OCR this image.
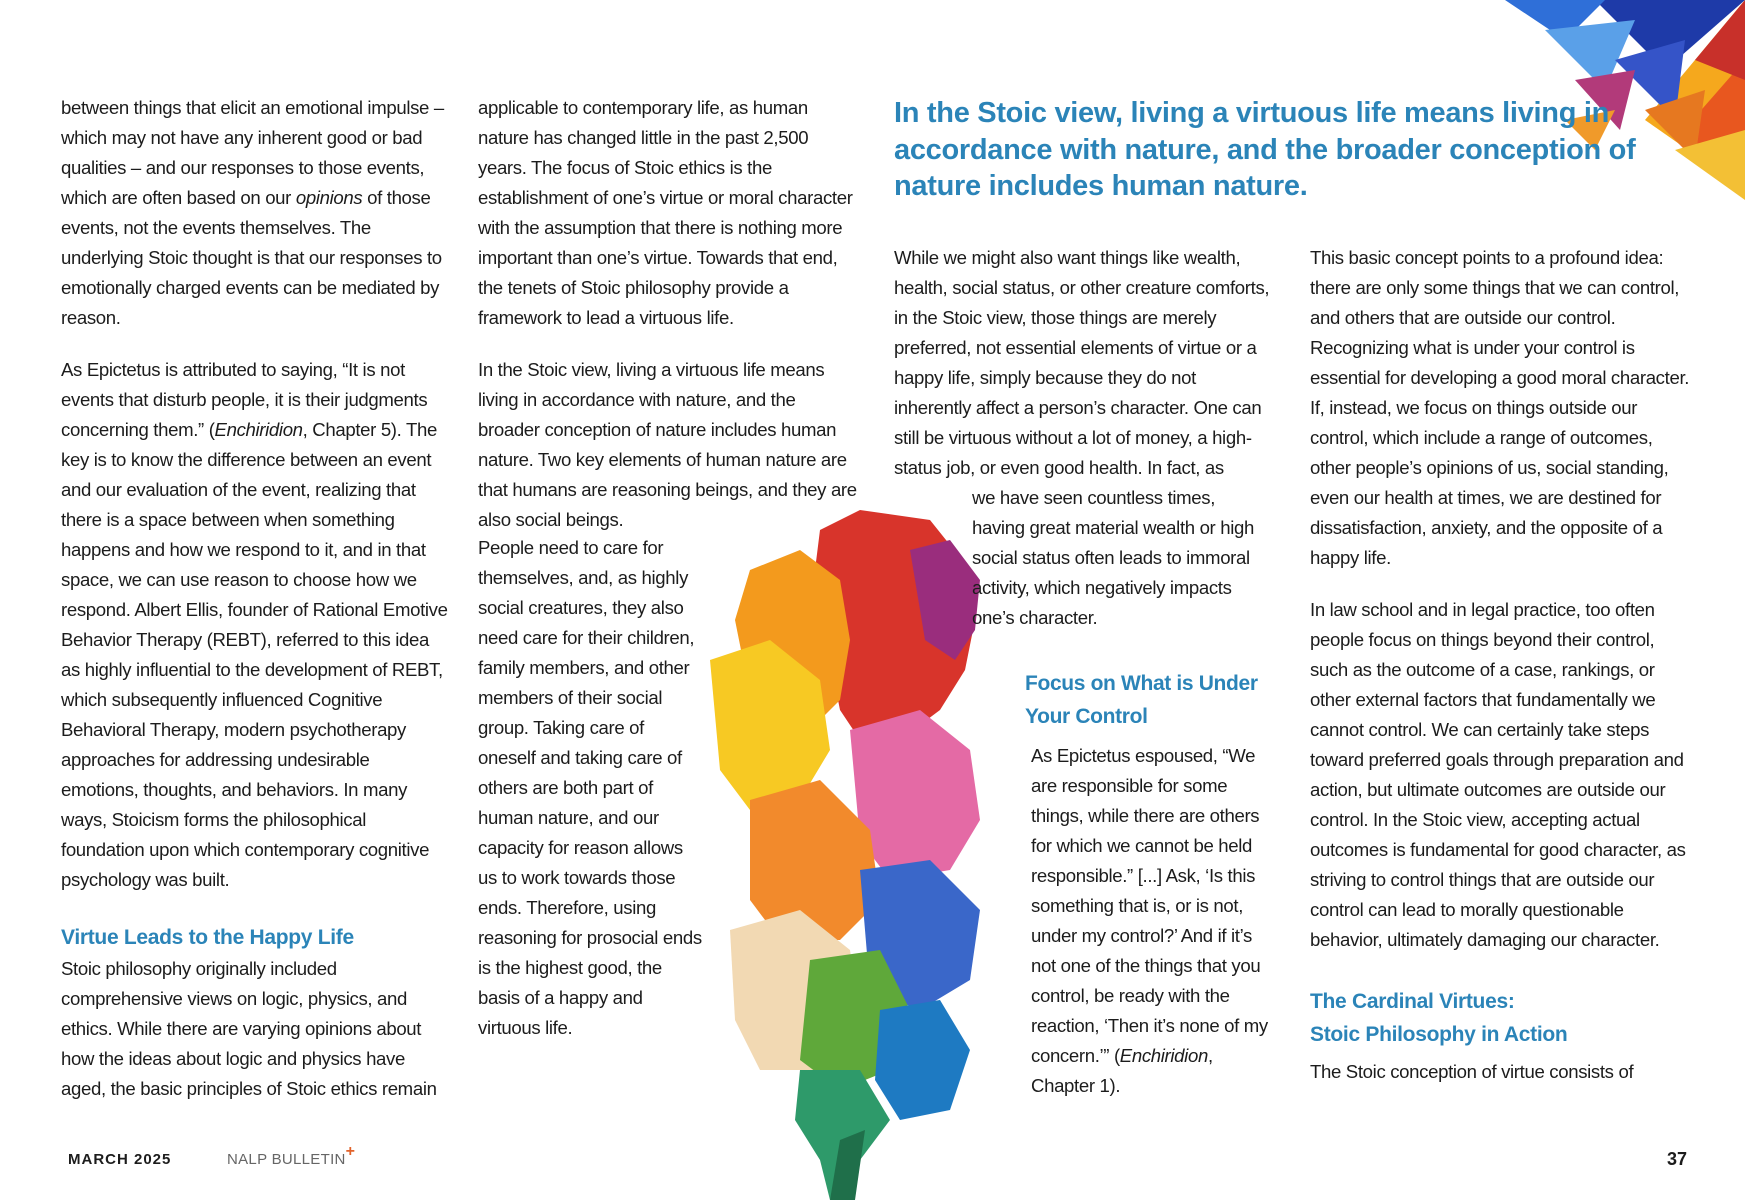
In the Stoic view, living a virtuous life means living in accordance with nature, and the broader conception of nature includes human nature.

between things that elicit an emotional impulse – which may not have any inherent good or bad qualities – and our responses to those events, which are often based on our opinions of those events, not the events themselves. The underlying Stoic thought is that our responses to emotionally charged events can be mediated by reason.

As Epictetus is attributed to saying, “It is not events that disturb people, it is their judgments concerning them.” (Enchiridion, Chapter 5). The key is to know the difference between an event and our evaluation of the event, realizing that there is a space between when something happens and how we respond to it, and in that space, we can use reason to choose how we respond. Albert Ellis, founder of Rational Emotive Behavior Therapy (REBT), referred to this idea as highly influential to the development of REBT, which subsequently influenced Cognitive Behavioral Therapy, modern psychotherapy approaches for addressing undesirable emotions, thoughts, and behaviors. In many ways, Stoicism forms the philosophical foundation upon which contemporary cognitive psychology was built.

Virtue Leads to the Happy Life

Stoic philosophy originally included comprehensive views on logic, physics, and ethics. While there are varying opinions about how the ideas about logic and physics have aged, the basic principles of Stoic ethics remain

applicable to contemporary life, as human nature has changed little in the past 2,500 years. The focus of Stoic ethics is the establishment of one’s virtue or moral character with the assumption that there is nothing more important than one’s virtue. Towards that end, the tenets of Stoic philosophy provide a framework to lead a virtuous life.

In the Stoic view, living a virtuous life means living in accordance with nature, and the broader conception of nature includes human nature. Two key elements of human nature are that humans are reasoning beings, and they are also social beings.

People need to care for themselves, and, as highly social creatures, they also need care for their children, family members, and other members of their social group. Taking care of oneself and taking care of others are both part of human nature, and our capacity for reason allows us to work towards those ends. Therefore, using reasoning for prosocial ends is the highest good, the basis of a happy and virtuous life.

While we might also want things like wealth, health, social status, or other creature comforts, in the Stoic view, those things are merely preferred, not essential elements of virtue or a happy life, simply because they do not inherently affect a person’s character. One can still be virtuous without a lot of money, a high-status job, or even good health. In fact, as

we have seen countless times, having great material wealth or high social status often leads to immoral activity, which negatively impacts one’s character.

Focus on What is Under Your Control

As Epictetus espoused, “We are responsible for some things, while there are others for which we cannot be held responsible.” [...] Ask, ‘Is this something that is, or is not, under my control?’ And if it’s not one of the things that you control, be ready with the reaction, ‘Then it’s none of my concern.’” (Enchiridion, Chapter 1).

This basic concept points to a profound idea: there are only some things that we can control, and others that are outside our control. Recognizing what is under your control is essential for developing a good moral character. If, instead, we focus on things outside our control, which include a range of outcomes, other people’s opinions of us, social standing, even our health at times, we are destined for dissatisfaction, anxiety, and the opposite of a happy life.

In law school and in legal practice, too often people focus on things beyond their control, such as the outcome of a case, rankings, or other external factors that fundamentally we cannot control. We can certainly take steps toward preferred goals through preparation and action, but ultimate outcomes are outside our control. In the Stoic view, accepting actual outcomes is fundamental for good character, as striving to control things that are outside our control can lead to morally questionable behavior, ultimately damaging our character.

The Cardinal Virtues:

Stoic Philosophy in Action

The Stoic conception of virtue consists of

MARCH 2025	NALP BULLETIN+	37
